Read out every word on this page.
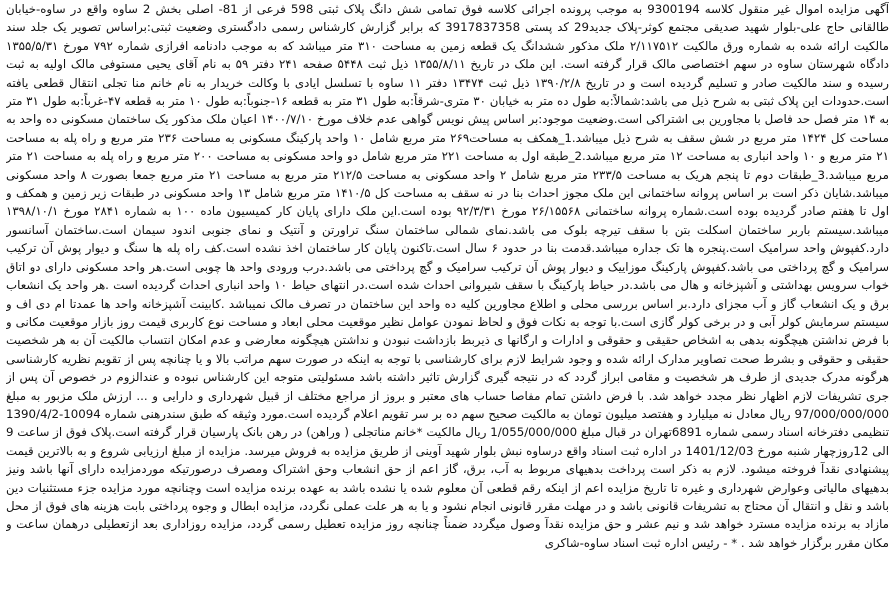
آگهی مزایده اموال غیر منقول کلاسه 9300194 به موجب پرونده اجرائی کلاسه فوق تمامی شش دانگ پلاک ثبتی 598 فرعی از 81- اصلی بخش 2 ساوه واقع در ساوه-خیابان طالقانی حاج علی-بلوار شهید صدیقی مجتمع کوثر-پلاک جدید29 کد پستی 3917837358 که برابر گزارش کارشناس رسمی دادگستری وضعیت ثبتی:براساس تصویر یک جلد سند مالکیت ارائه شده به شماره ورق مالکیت ۲/۱۱۷۵۱۲ ملک مذکور ششدانگ یک قطعه زمین به مساحت ۳۱۰ متر میباشد که به موجب دادنامه افرازی شماره ۷۹۲ مورخ ۱۳۵۵/۵/۳۱ دادگاه شهرستان ساوه در سهم اختصاصی مالک قرار گرفته است. این ملک در تاریخ ۱۳۵۵/۸/۱۱ ذیل ثبت ۵۴۴۸ صفحه ۲۴۱ دفتر ۵۹ به نام آقای یحیی مستوفی مالک اولیه به ثبت رسیده و سند مالکیت صادر و تسلیم گردیده است و در تاریخ ۱۳۹۰/۲/۸ ذیل ثبت ۱۳۴۷۴ دفتر ۱۱ ساوه با تسلسل ایادی با وکالت خریدار به نام خانم منا تجلی انتقال قطعی یافته است.حدودات این پلاک ثبتی به شرح ذیل می باشد:شمالاً:به طول ده متر به خیابان ۳۰ متری-شرقاً:به طول ۳۱ متر به قطعه ۱۶-جنوباً:به طول ۱۰ متر به قطعه ۴۷-غرباً:به طول ۳۱ متر به ۱۴ متر فصل حد فاصل با مجاورین بی اشتراکی است.وضعیت موجود:بر اساس پیش نویس گواهی عدم خلاف مورخ ۱۴۰۰/۷/۱۰ اعیان ملک مذکور یک ساختمان مسکونی ده واحد به مساحت کل ۱۴۲۴ متر مربع در شش سقف به شرح ذیل میباشد.1_همکف به مساحت۲۶۹ متر مربع شامل ۱۰ واحد پارکینگ مسکونی به مساحت ۲۳۶ متر مربع و راه پله به مساحت ۲۱ متر مربع و ۱۰ واحد انباری به مساحت ۱۲ متر مربع میباشد.2_طبقه اول به مساحت ۲۲۱ متر مربع شامل دو واحد مسکونی به مساحت ۲۰۰ متر مربع و راه پله به مساحت ۲۱ متر مربع میباشد.3_طبقات دوم تا پنجم هریک به مساحت ۲۳۳/۵ متر مربع شامل ۲ واحد مسکونی به مساحت ۲۱۲/۵ متر مربع به مساحت ۲۱ متر مربع جمعا بصورت ۸ واحد مسکونی میباشد.شایان ذکر است بر اساس پروانه ساختمانی این ملک مجوز احداث بنا در نه سقف به مساحت کل ۱۴۱۰/۵ متر مربع شامل ۱۳ واحد مسکونی در طبقات زیر زمین و همکف و اول تا هفتم صادر گردیده بوده است.شماره پروانه ساختمانی ۲۶/۱۵۵۶۸ مورخ ۹۲/۳/۳۱ بوده است.این ملک دارای پایان کار کمیسیون ماده ۱۰۰ به شماره ۲۸۴۱ مورخ ۱۳۹۸/۱۰/۱ میباشد.سیستم باربر ساختمان اسکلت بتن با سقف تیرچه بلوک می باشد.نمای شمالی ساختمان سنگ تراورتن و آنتیک و نمای جنوبی اندود سیمان است.ساختمان آسانسور دارد.کفپوش واحد سرامیک است.پنجره ها تک جداره میباشد.قدمت بنا در حدود ۶ سال است.تاکنون پایان کار ساختمان اخذ نشده است.کف راه پله ها سنگ و دیوار پوش آن ترکیب سرامیک و گچ پرداختی می باشد.کفپوش پارکینگ موزاییک و دیوار پوش آن ترکیب سرامیک و گچ پرداختی می باشد.درب ورودی واحد ها چوبی است.هر واحد مسکونی دارای دو اتاق خواب سرویس بهداشتی و آشپزخانه و هال می باشد.در حیاط پارکینگ با سقف شیروانی احداث شده است.در انتهای حیاط ۱۰ واحد انباری احداث گردیده است .هر واحد یک انشعاب برق و یک انشعاب گاز و آب مجزای دارد.بر اساس بررسی محلی و اطلاع مجاورین کلیه ده واحد این ساختمان در تصرف مالک نمیباشد .کابینت آشپزخانه واحد ها عمدتا ام دی اف و سیستم سرمایش کولر آبی و در برخی کولر گازی است.با توجه به نکات فوق و لحاظ نمودن عوامل نظیر موقعیت محلی ابعاد و مساحت نوع کاربری قیمت روز بازار موقعیت مکانی و با فرض نداشتن هیچگونه بدهی به اشخاص حقیقی و حقوقی و ادارات و ارگانها ی ذیربط بازداشت نبودن و نداشتن هیچگونه معارضی و عدم امکان انتساب مالکیت آن به هر شخصیت حقیقی و حقوقی و بشرط صحت تصاویر مدارک ارائه شده و وجود شرایط لازم برای کارشناسی با توجه به اینکه در صورت سهم مراتب بالا و یا چنانچه پس از تقویم نظریه کارشناسی هرگونه مدرک جدیدی از طرف هر شخصیت و مقامی ابراز گردد که در نتیجه گیری گزارش تاثیر داشته باشد مسئولیتی متوجه این کارشناس نبوده و عندالزوم در خصوص آن پس از جری تشریفات لازم اظهار نظر مجدد خواهد شد. با فرض داشتن تمام مفاصا حساب های معتبر و بروز از مراجع مختلف از قبیل شهرداری و دارایی و ... ارزش ملک مزبور به مبلغ 97/000/000/000 ریال معادل نه میلیارد و هفتصد میلیون تومان به مالکیت صحیح سهم ده بر سر تقویم اعلام گردیده است.مورد وثیقه که طبق سندرهنی شماره 10094-1390/4/2 تنظیمی دفترخانه اسناد رسمی شماره 6891تهران در قبال مبلغ 1/055/000/000 ریال مالکیت *خانم مناتجلی ( وراهن) در رهن بانک پارسیان قرار گرفته است.پلاک فوق از ساعت 9 الی 12روزچهار شنبه مورخ 1401/12/03 در اداره ثبت اسناد واقع درساوه نبش بلوار شهید آوینی از طریق مزایده به فروش میرسد. مزایده از مبلغ ارزیابی شروع و به بالاترین قیمت پیشنهادی نقدآ فروخته میشود. لازم به ذکر است پرداخت بدهیهای مربوط به آب، برق، گاز اعم از حق انشعاب وحق اشتراک ومصرف درصورتیکه موردمزایده دارای آنها باشد ونیز بدهیهای مالیاتی وعوارض شهرداری و غیره تا تاریخ مزایده اعم از اینکه رقم قطعی آن معلوم شده یا نشده باشد به عهده برنده مزایده است وچنانچه مورد مزایده جزء مستثنیات دین باشد و نقل و انتقال آن محتاج به تشریفات قانونی باشد و در مهلت مقرر قانونی انجام نشود و یا به هر علت عملی نگردد، مزایده ابطال و وجوه پرداختی بابت هزینه های فوق از محل مازاد به برنده مزایده مسترد خواهد شد و نیم عشر و حق مزایده نقدآ وصول میگردد ضمناً چنانچه روز مزایده تعطیل رسمی گردد، مزایده روزاداری بعد ازتعطیلی درهمان ساعت و مکان مقرر برگزار خواهد شد . * - رئیس اداره ثبت اسناد ساوه-شاکری
